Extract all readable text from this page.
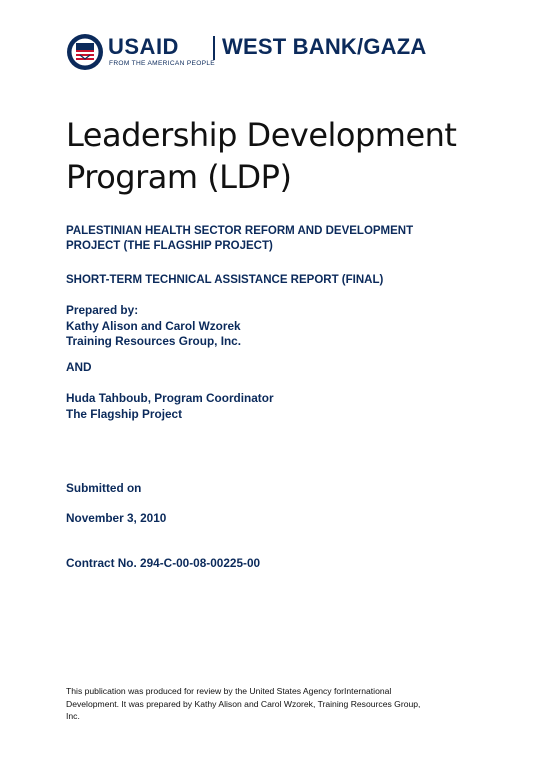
USAID
FROM THE AMERICAN PEOPLE
WEST BANK/GAZA
Leadership Development
Program (LDP)

PALESTINIAN HEALTH SECTOR REFORM AND DEVELOPMENT
PROJECT (THE FLAGSHIP PROJECT)

SHORT-TERM TECHNICAL ASSISTANCE REPORT (FINAL)

Prepared by:
Kathy Alison and Carol Wzorek
Training Resources Group, Inc.

AND

Huda Tahboub, Program Coordinator
The Flagship Project

Submitted on

November 3, 2010

Contract No. 294-C-00-08-00225-00

This publication was produced for review by the United States Agency forInternational
Development. It was prepared by Kathy Alison and Carol Wzorek, Training Resources Group,
Inc.
